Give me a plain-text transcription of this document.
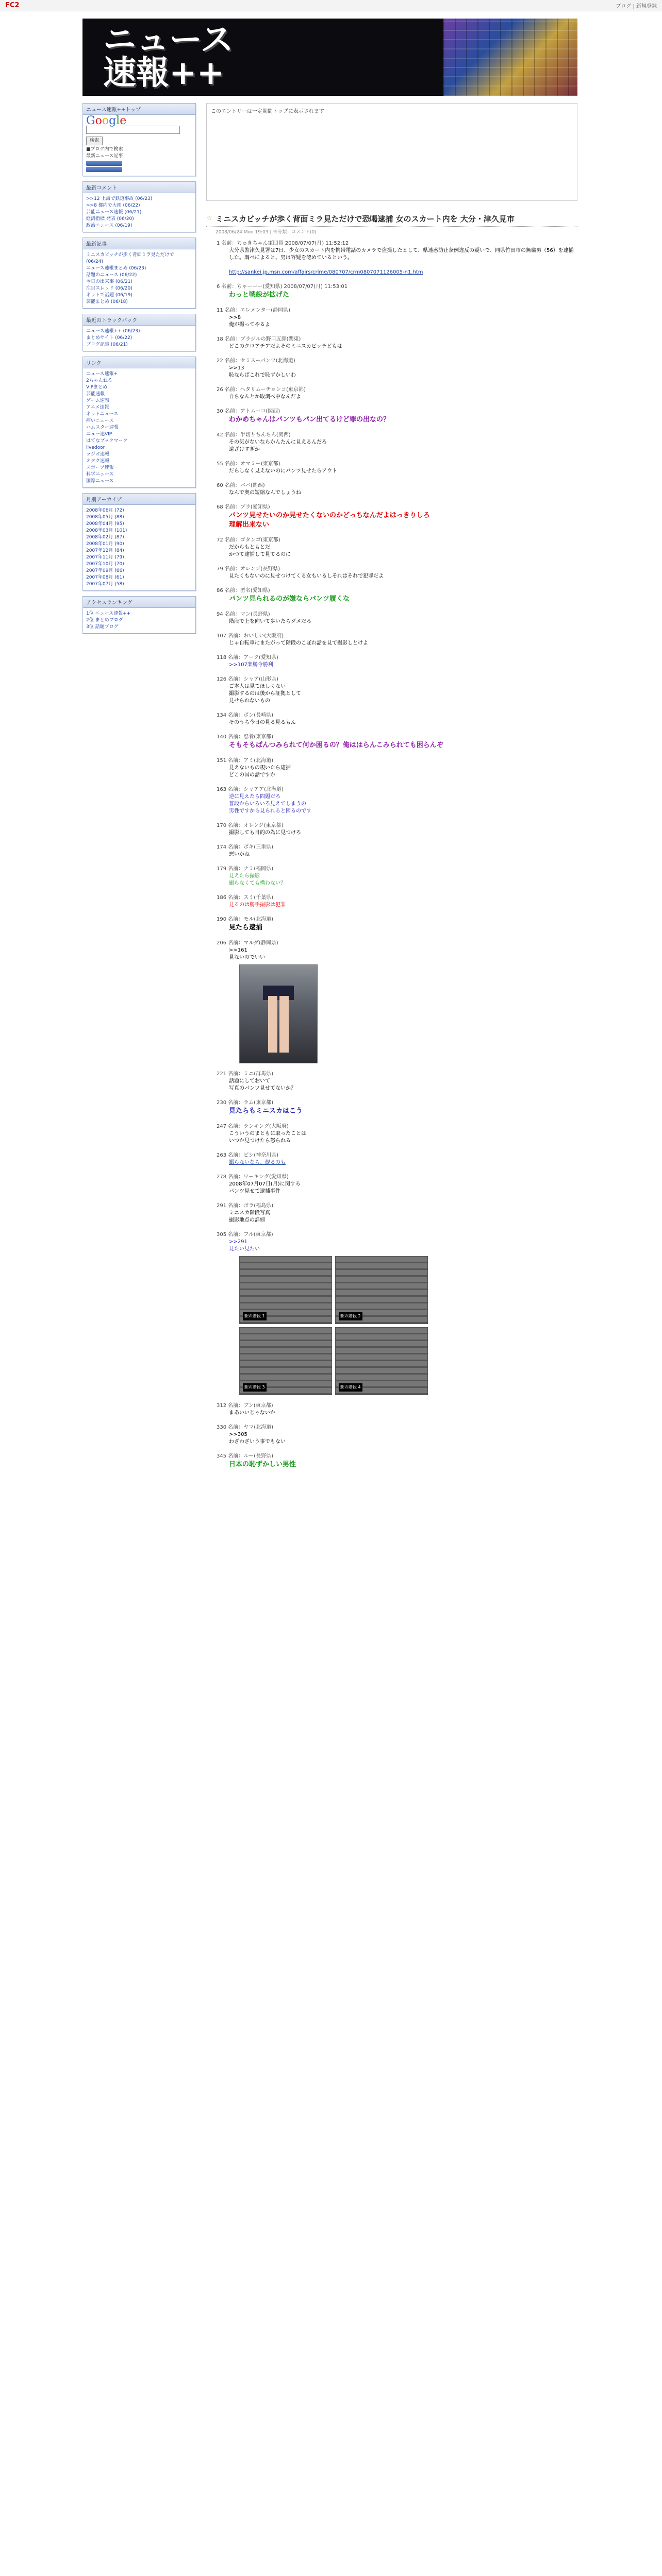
FC2	ブログ | 新規登録
ニュース
速報++
ニュース速報++トップ
Google
検索
■ブログ内で検索
最新ニュース記事
最新コメント
>>12 上海で鉄道事故 (06/23)
>>8 都内で大雨 (06/22)
芸能ニュース速報 (06/21)
経済指標 発表 (06/20)
政治ニュース (06/19)
最新記事
ミニスカビッチが歩く背面ミラ見ただけで (06/24)
ニュース速報まとめ (06/23)
話題のニュース (06/22)
今日の出来事 (06/21)
注目スレッド (06/20)
ネットで話題 (06/19)
芸能まとめ (06/18)
最近のトラックバック
ニュース速報++ (06/23)
まとめサイト (06/22)
ブログ記事 (06/21)
リンク
ニュース速報+
2ちゃんねる
VIPまとめ
芸能速報
ゲーム速報
アニメ速報
ネットニュース
痛いニュース
ハムスター速報
ニュー速VIP
はてなブックマーク
livedoor
ラジオ速報
オタク速報
スポーツ速報
科学ニュース
国際ニュース
月別アーカイブ
2008年06月 (72)
2008年05月 (88)
2008年04月 (95)
2008年03月 (101)
2008年02月 (87)
2008年01月 (90)
2007年12月 (84)
2007年11月 (79)
2007年10月 (70)
2007年09月 (66)
2007年08月 (61)
2007年07月 (58)
アクセスランキング
1位 ニュース速報++
2位 まとめブログ
3位 話題ブログ
このエントリーは一定期間トップに表示されます
☆ ミニスカビッチが歩く背面ミラ見ただけで恐喝逮捕 女のスカート内を 大分・津久見市
2008/06/24 Mon 19:03 | 未分類 | コメント(0)
1 名前：ちゅきちゃん軍団員 2008/07/07(月) 11:52:12
大分県警津久見署は7日、少女のスカート内を携帯電話のカメラで盗撮したとして、県迷惑防止条例違反の疑いで、同県竹田市の無職男（56）を逮捕した。調べによると、男は容疑を認めているという。
http://sankei.jp.msn.com/affairs/crime/080707/crm0807071126005-n1.htm
6 名前：ちゃーーー(愛知県) 2008/07/07(月) 11:53:01
わっと戦線が拡げた
11 名前：エレメンター(静岡県)
>>8
俺が撮ってやるよ
18 名前：ブラジルの野口五郎(関東)
どこのクロアチアだよそのミニスカビッチどもは
22 名前：セミスーパンツ(北海道)
>>13
恥ならばこれで恥ずかしいわ
26 名前：ヘタリムーチョンコ(東京都)
自ちなんとか取調べ中なんだよ
30 名前：アトムーコ(関西)
わかめちゃんはパンツもパン出てるけど罪の出なの？
42 名前：半切りちんちん(関西)
その気がないならかんたんに見えるんだろ
遠ざけすぎか
55 名前：オマミー(東京都)
だらしなく見えないのにパンツ見せたらアウト
60 名前：ババ(関西)
なんで奥の短縮なんでしょうね
68 名前：ブラ(愛知県)
パンツ見せたいのか見せたくないのかどっちなんだよはっきりしろ
理解出来ない
72 名前：ゴタンゴ(東京都)
だからもともとだ
かつて逮捕して見てるのに
79 名前：オレンジ(長野県)
見たくもないのに見せつけてくる女もいるしそれはそれで犯罪だよ
86 名前：匿名(愛知県)
パンツ見られるのが嫌ならパンツ履くな
94 名前：マン(長野県)
階段で上を向いて歩いたらダメだろ
107 名前：おいしい(大阪府)
じゃ自転車にまたがって階段のこぼれ話を見て撮影しとけよ
118 名前：アーク(愛知県)
>>107楽勝今勝利
126 名前：シャア(山形県)
ご本人は見てほしくない
撮影するのは後から証拠として
見せられないもの
134 名前：ポン(長崎県)
そのうち今日の見る見るもん
140 名前：忍者(東京都)
そもそもぱんつみられて何か困るの？俺ははらんこみられても困らんぞ
151 名前：アミ(北海道)
見えないもの覗いたら逮捕
どこの国の話ですか
163 名前：シャアア(北海道)
逆に見えたら問題だろ
普段からいろいろ見えてしまうの
男性ですから見られると困るのです
170 名前：オレンジ(東京都)
撮影しても目的の為に見つけろ
174 名前：ボキ(三重県)
悪いかね
179 名前：ナミ(福岡県)
見えたら撮影
撮らなくても構わない？
186 名前：スミ(千葉県)
見るのは勝手撮影は犯罪
190 名前：モル(北海道)
見たら逮捕
206 名前：マルダ(静岡県)
>>161
見ないのでいい
221 名前：ミニ(群馬県)
話題にしておいて
写真のパンツ見せてないか？
230 名前：ラム(東京都)
見たらもミニスカはこう
247 名前：ランキング(大阪府)
こういうのまともに取ったことは
いつか見つけたら怒られる
263 名前：ピシ(神奈川県)
撮らないなら、観るのも
278 名前：ワーキング(愛知県)
2008年07月07日(月)に関する
パンツ見せて逮捕事件
291 名前：ボラ(福島県)
ミニスカ階段写真
撮影地点の詳細
305 名前：フル(東京都)
>>291
見たい見たい
駅の階段 1	駅の階段 2
駅の階段 3	駅の階段 4
312 名前：ブン(東京都)
まあいいじゃないか
330 名前：ヤマ(北海道)
>>305
わざわざいう事でもない
345 名前：ルー(長野県)
日本の恥ずかしい男性
